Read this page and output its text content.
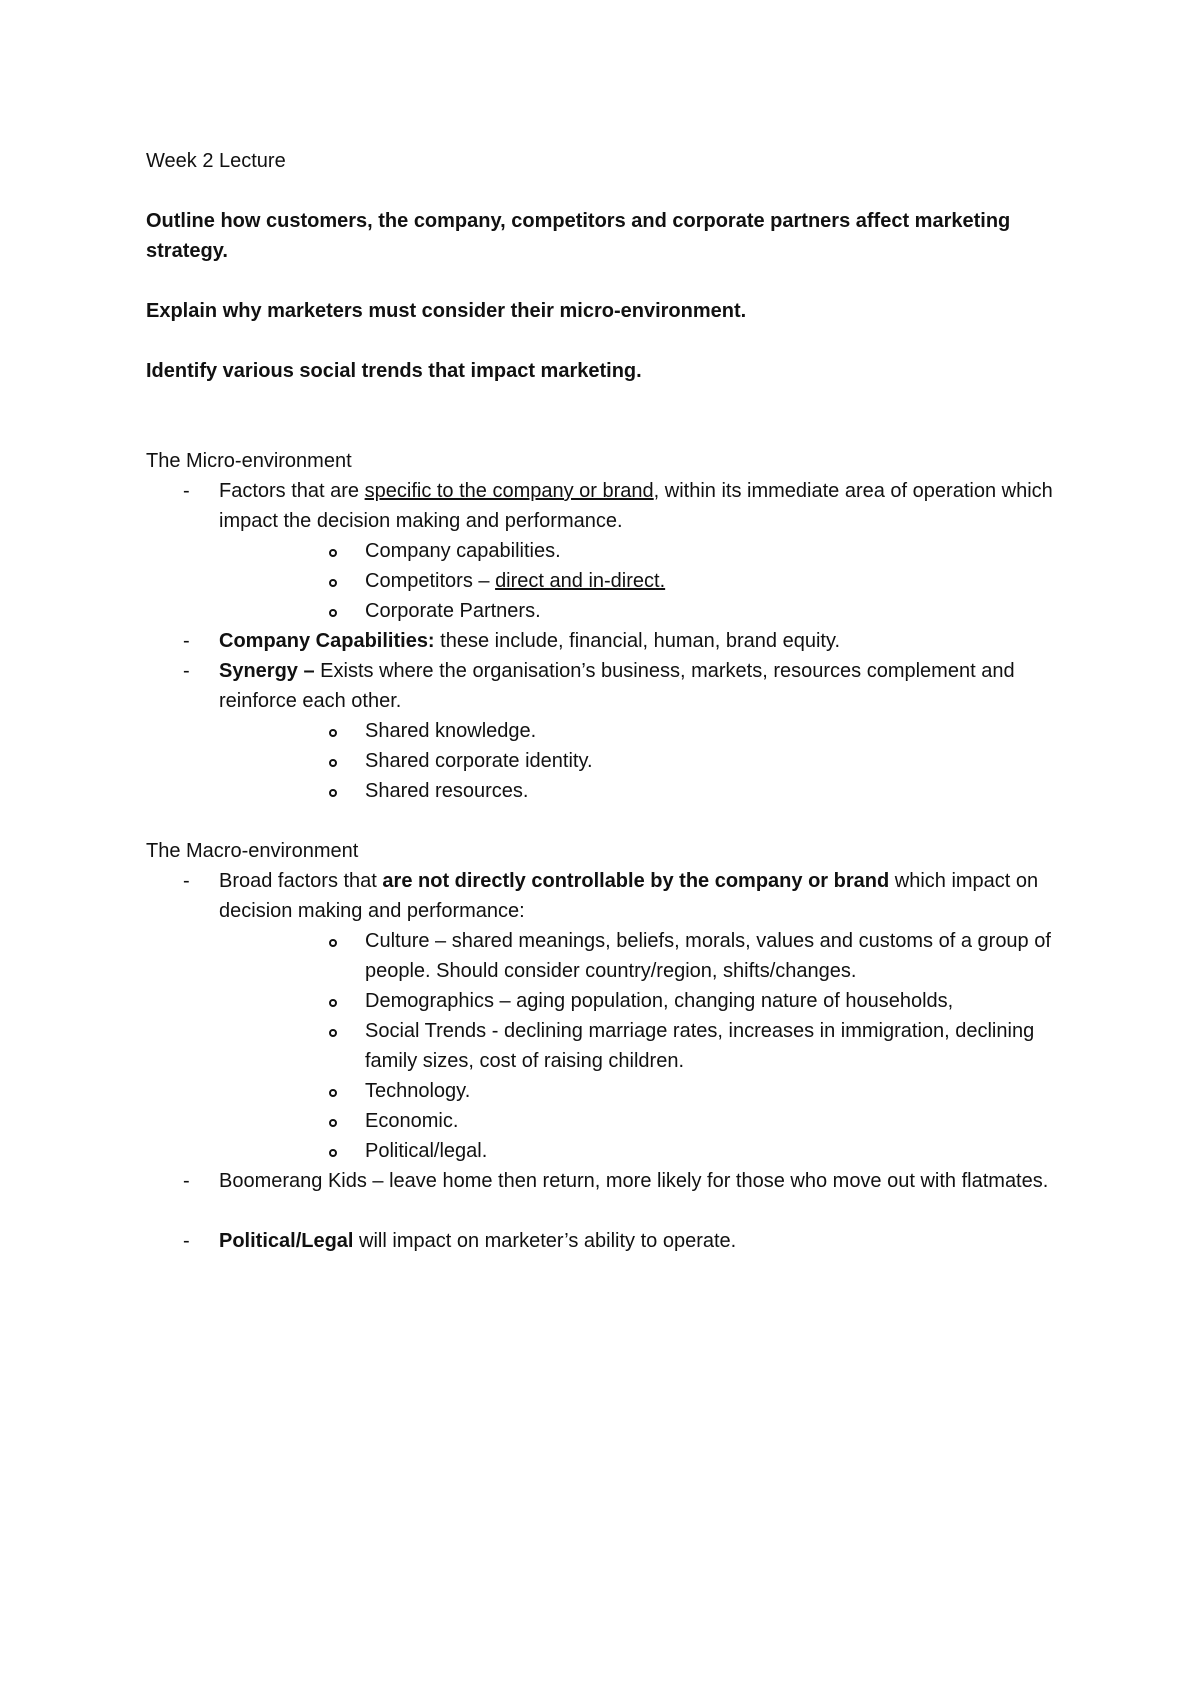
Week 2 Lecture

Outline how customers, the company, competitors and corporate partners affect marketing strategy.

Explain why marketers must consider their micro-environment.

Identify various social trends that impact marketing.

The Micro-environment

-	Factors that are specific to the company or brand, within its immediate area of operation which impact the decision making and performance.
Company capabilities.
Competitors – direct and in-direct.
Corporate Partners.
-	Company Capabilities: these include, financial, human, brand equity.
-	Synergy – Exists where the organisation’s business, markets, resources complement and reinforce each other.
Shared knowledge.
Shared corporate identity.
Shared resources.

The Macro-environment

-	Broad factors that are not directly controllable by the company or brand which impact on decision making and performance:
Culture – shared meanings, beliefs, morals, values and customs of a group of people. Should consider country/region, shifts/changes.
Demographics – aging population, changing nature of households,
Social Trends - declining marriage rates, increases in immigration, declining family sizes, cost of raising children.
Technology.
Economic.
Political/legal.
-	Boomerang Kids – leave home then return, more likely for those who move out with flatmates.
-	Political/Legal will impact on marketer’s ability to operate.
